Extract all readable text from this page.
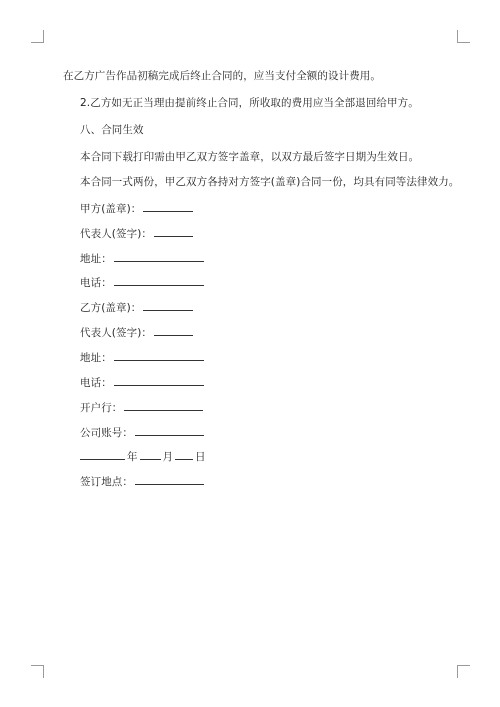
在乙方广告作品初稿完成后终止合同的，应当支付全额的设计费用。
2.乙方如无正当理由提前终止合同，所收取的费用应当全部退回给甲方。
八、合同生效
本合同下载打印需由甲乙双方签字盖章，以双方最后签字日期为生效日。
本合同一式两份，甲乙双方各持对方签字(盖章)合同一份，均具有同等法律效力。
甲方(盖章)：
代表人(签字)：
地址：
电话：
乙方(盖章)：
代表人(签字)：
地址：
电话：
开户行：
公司账号：
年 月 日
签订地点：
